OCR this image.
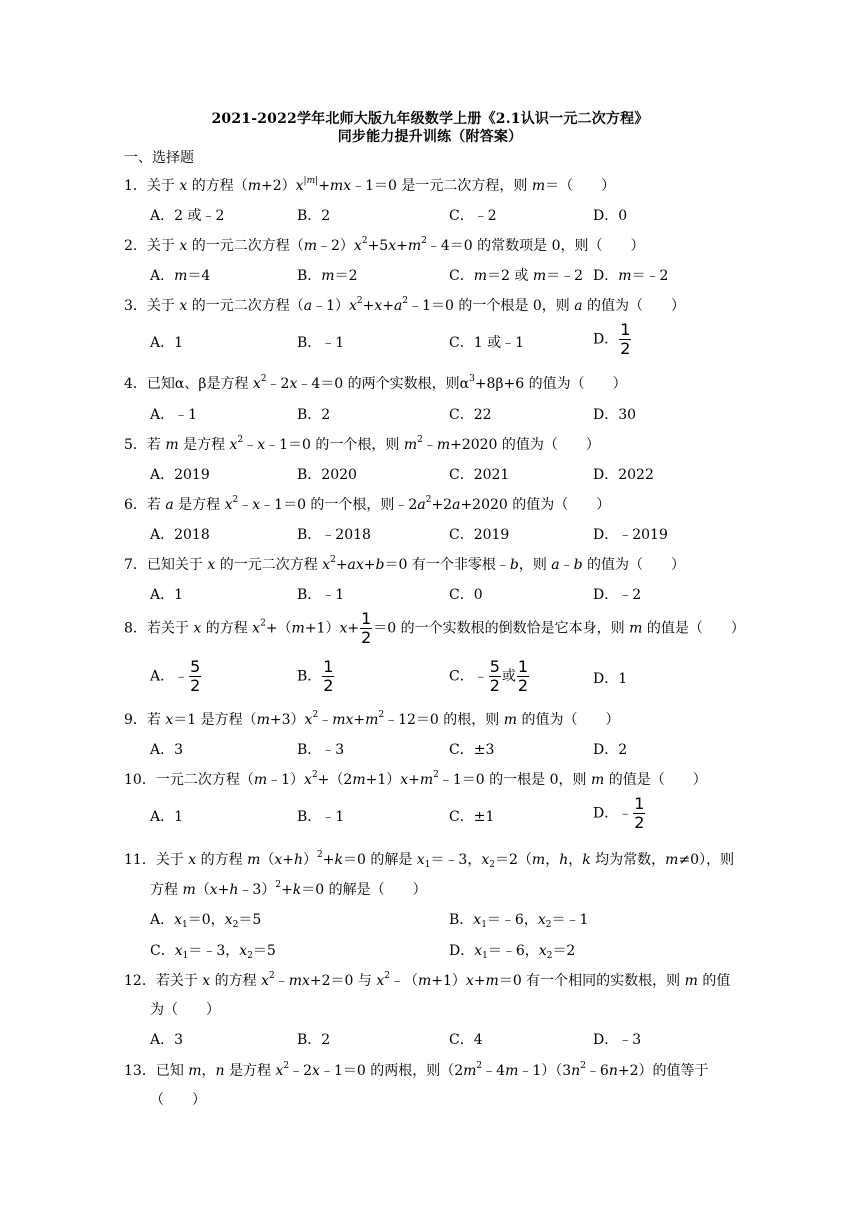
2021-2022学年北师大版九年级数学上册《2.1认识一元二次方程》
同步能力提升训练（附答案）
一、选择题
1．关于 x 的方程$(m+2)x^{|m|}+mx﹣1=0$ 是一元二次方程，则 m＝（　　）
A．2 或﹣2	B．2	C．﹣2	D．0
2．关于 x 的一元二次方程$(m﹣2)x^2+5x+m^2﹣4=0$ 的常数项是 0，则（　　）
A．m＝4	B．m＝2	C．m＝2 或 m＝﹣2 D．m＝﹣2
3．关于 x 的一元二次方程$(a﹣1)x^2+x+a^2﹣1=0$ 的一个根是 0，则 a 的值为（　　）
A．1	B．﹣1	C．1 或﹣1	D． $\frac{1}{2}$
4．已知α、β是方程 $x^2﹣2x﹣4=0$ 的两个实数根，则$\alpha^3+8\beta+6$ 的值为（　　）
A．﹣1	B．2	C．22	D．30
5．若 m 是方程 $x^2﹣x﹣1=0$ 的一个根，则 $m^2﹣m+2020$ 的值为（　　）
A．2019	B．2020	C．2021	D．2022
6．若 a 是方程 $x^2﹣x﹣1=0$ 的一个根，则$﹣2a^2+2a+2020$ 的值为（　　）
A．2018	B．﹣2018	C．2019	D．﹣2019
7．已知关于 x 的一元二次方程 $x^2+ax+b=0$ 有一个非零根﹣b，则 a﹣b 的值为（　　）
A．1	B．﹣1	C．0	D．﹣2
8．若关于 x 的方程 $x^2+(m+1)x+ \frac{1}{2} =0$ 的一个实数根的倒数恰是它本身，则 m 的值是（　　）
A．﹣ $\frac{5}{2}$	B． $\frac{1}{2}$	C．﹣ $\frac{5}{2}$ 或 $\frac{1}{2}$	D．1
9．若 x＝1 是方程$(m+3)x^2﹣mx+m^2﹣12=0$ 的根，则 m 的值为（　　）
A．3	B．﹣3	C．±3	D．2
10．一元二次方程$(m﹣1)x^2+(2m+1)x+m^2﹣1=0$ 的一根是 0，则 m 的值是（　　）
A．1	B．﹣1	C．±1	D．﹣ $\frac{1}{2}$
11．关于 x 的方程 $m(x+h)^2+k=0$ 的解是 $x_1=﹣3$，$x_2=2(m$，h，k 均为常数，m≠0），则
方程 m（x+h﹣3）$^2$+k＝0 的解是（　　）
A．$x_1=0$，$x_2=5$	B．$x_1=﹣6$，$x_2=﹣1$
C．$x_1=﹣3$，$x_2=5$	D．$x_1=﹣6$，$x_2=2$
12．若关于 x 的方程 $x^2﹣mx+2=0$ 与 $x^2﹣(m+1)x+m=0$ 有一个相同的实数根，则 m 的值
为（　　）
A．3	B．2	C．4	D．﹣3
13．已知 m，n 是方程 $x^2﹣2x﹣1=0$ 的两根，则$(2m^2﹣4m﹣1)(3n^2﹣6n+2)$的值等于
（　　）
